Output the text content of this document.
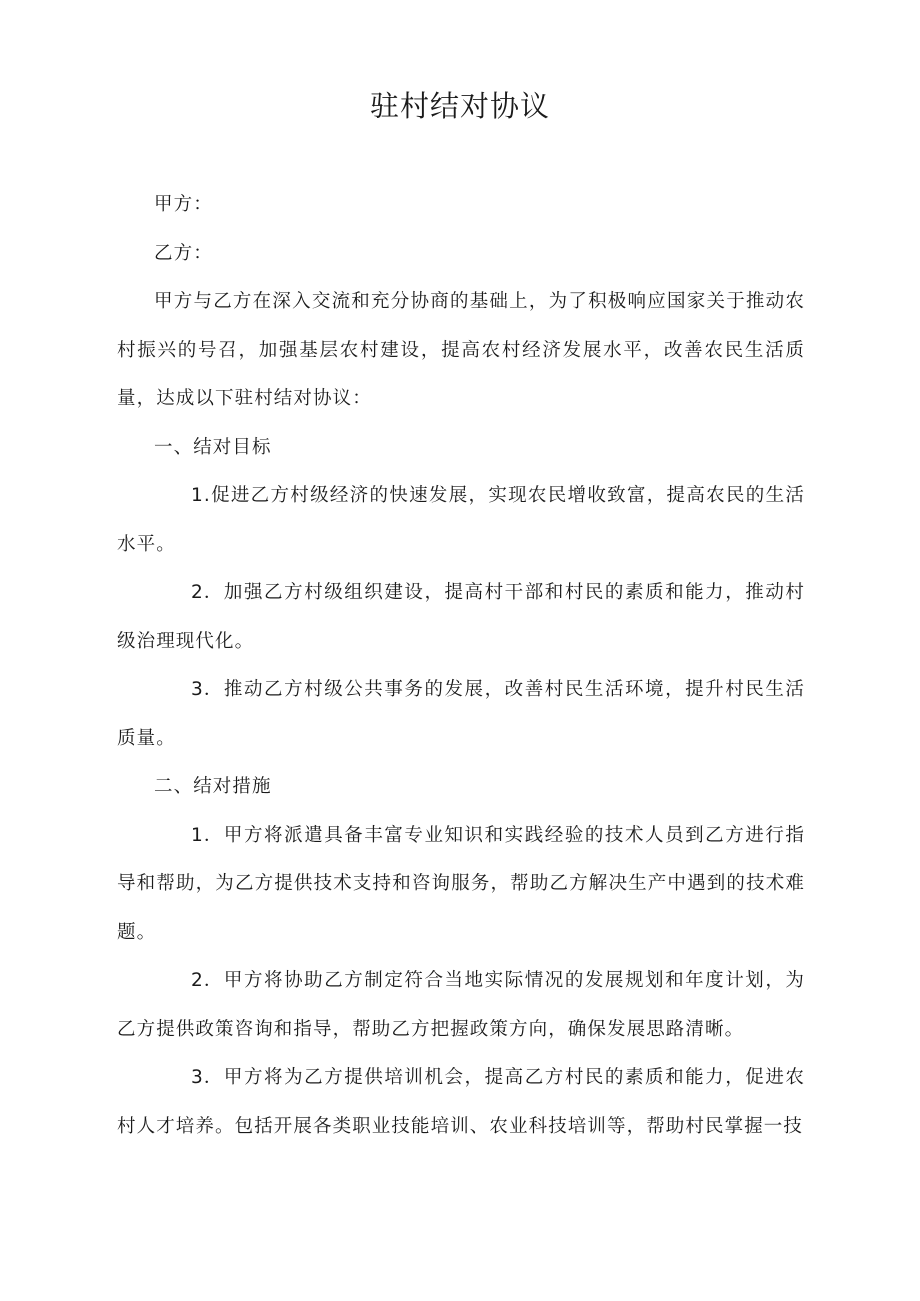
驻村结对协议

甲方：

乙方：

甲方与乙方在深入交流和充分协商的基础上，为了积极响应国家关于推动农村振兴的号召，加强基层农村建设，提高农村经济发展水平，改善农民生活质量，达成以下驻村结对协议：

一、结对目标

1.促进乙方村级经济的快速发展，实现农民增收致富，提高农民的生活水平。

2．加强乙方村级组织建设，提高村干部和村民的素质和能力，推动村级治理现代化。

3．推动乙方村级公共事务的发展，改善村民生活环境，提升村民生活质量。

二、结对措施

1．甲方将派遣具备丰富专业知识和实践经验的技术人员到乙方进行指导和帮助，为乙方提供技术支持和咨询服务，帮助乙方解决生产中遇到的技术难题。

2．甲方将协助乙方制定符合当地实际情况的发展规划和年度计划，为乙方提供政策咨询和指导，帮助乙方把握政策方向，确保发展思路清晰。

3．甲方将为乙方提供培训机会，提高乙方村民的素质和能力，促进农村人才培养。包括开展各类职业技能培训、农业科技培训等，帮助村民掌握一技
